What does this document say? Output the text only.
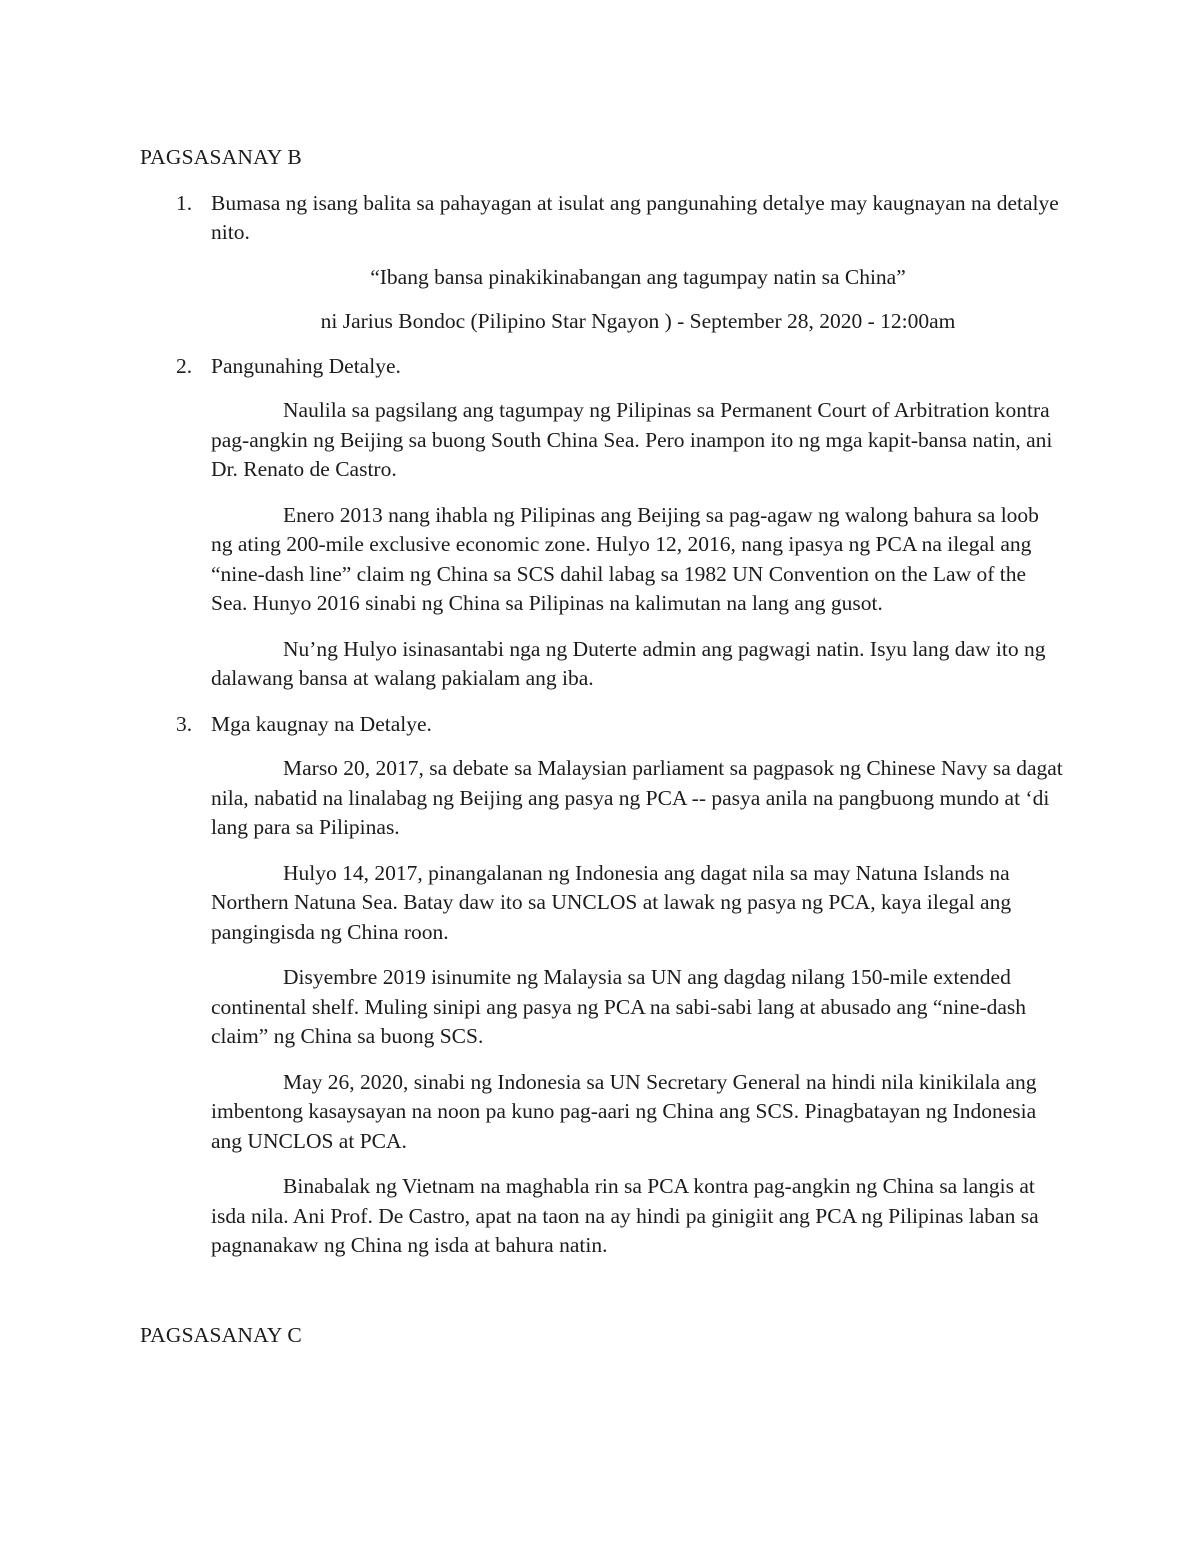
PAGSASANAY B

1. Bumasa ng isang balita sa pahayagan at isulat ang pangunahing detalye may kaugnayan na detalye nito.

“Ibang bansa pinakikinabangan ang tagumpay natin sa China”

ni Jarius Bondoc (Pilipino Star Ngayon ) - September 28, 2020 - 12:00am

2. Pangunahing Detalye.

Naulila sa pagsilang ang tagumpay ng Pilipinas sa Permanent Court of Arbitration kontra pag-angkin ng Beijing sa buong South China Sea. Pero inampon ito ng mga kapit-bansa natin, ani Dr. Renato de Castro.

Enero 2013 nang ihabla ng Pilipinas ang Beijing sa pag-agaw ng walong bahura sa loob ng ating 200-mile exclusive economic zone. Hulyo 12, 2016, nang ipasya ng PCA na ilegal ang “nine-dash line” claim ng China sa SCS dahil labag sa 1982 UN Convention on the Law of the Sea. Hunyo 2016 sinabi ng China sa Pilipinas na kalimutan na lang ang gusot.

Nu’ng Hulyo isinasantabi nga ng Duterte admin ang pagwagi natin. Isyu lang daw ito ng dalawang bansa at walang pakialam ang iba.

3. Mga kaugnay na Detalye.

Marso 20, 2017, sa debate sa Malaysian parliament sa pagpasok ng Chinese Navy sa dagat nila, nabatid na linalabag ng Beijing ang pasya ng PCA -- pasya anila na pangbuong mundo at ‘di lang para sa Pilipinas.

Hulyo 14, 2017, pinangalanan ng Indonesia ang dagat nila sa may Natuna Islands na Northern Natuna Sea. Batay daw ito sa UNCLOS at lawak ng pasya ng PCA, kaya ilegal ang pangingisda ng China roon.

Disyembre 2019 isinumite ng Malaysia sa UN ang dagdag nilang 150-mile extended continental shelf. Muling sinipi ang pasya ng PCA na sabi-sabi lang at abusado ang “nine-dash claim” ng China sa buong SCS.

May 26, 2020, sinabi ng Indonesia sa UN Secretary General na hindi nila kinikilala ang imbentong kasaysayan na noon pa kuno pag-aari ng China ang SCS. Pinagbatayan ng Indonesia ang UNCLOS at PCA.

Binabalak ng Vietnam na maghabla rin sa PCA kontra pag-angkin ng China sa langis at isda nila. Ani Prof. De Castro, apat na taon na ay hindi pa ginigiit ang PCA ng Pilipinas laban sa pagnanakaw ng China ng isda at bahura natin.

PAGSASANAY C
